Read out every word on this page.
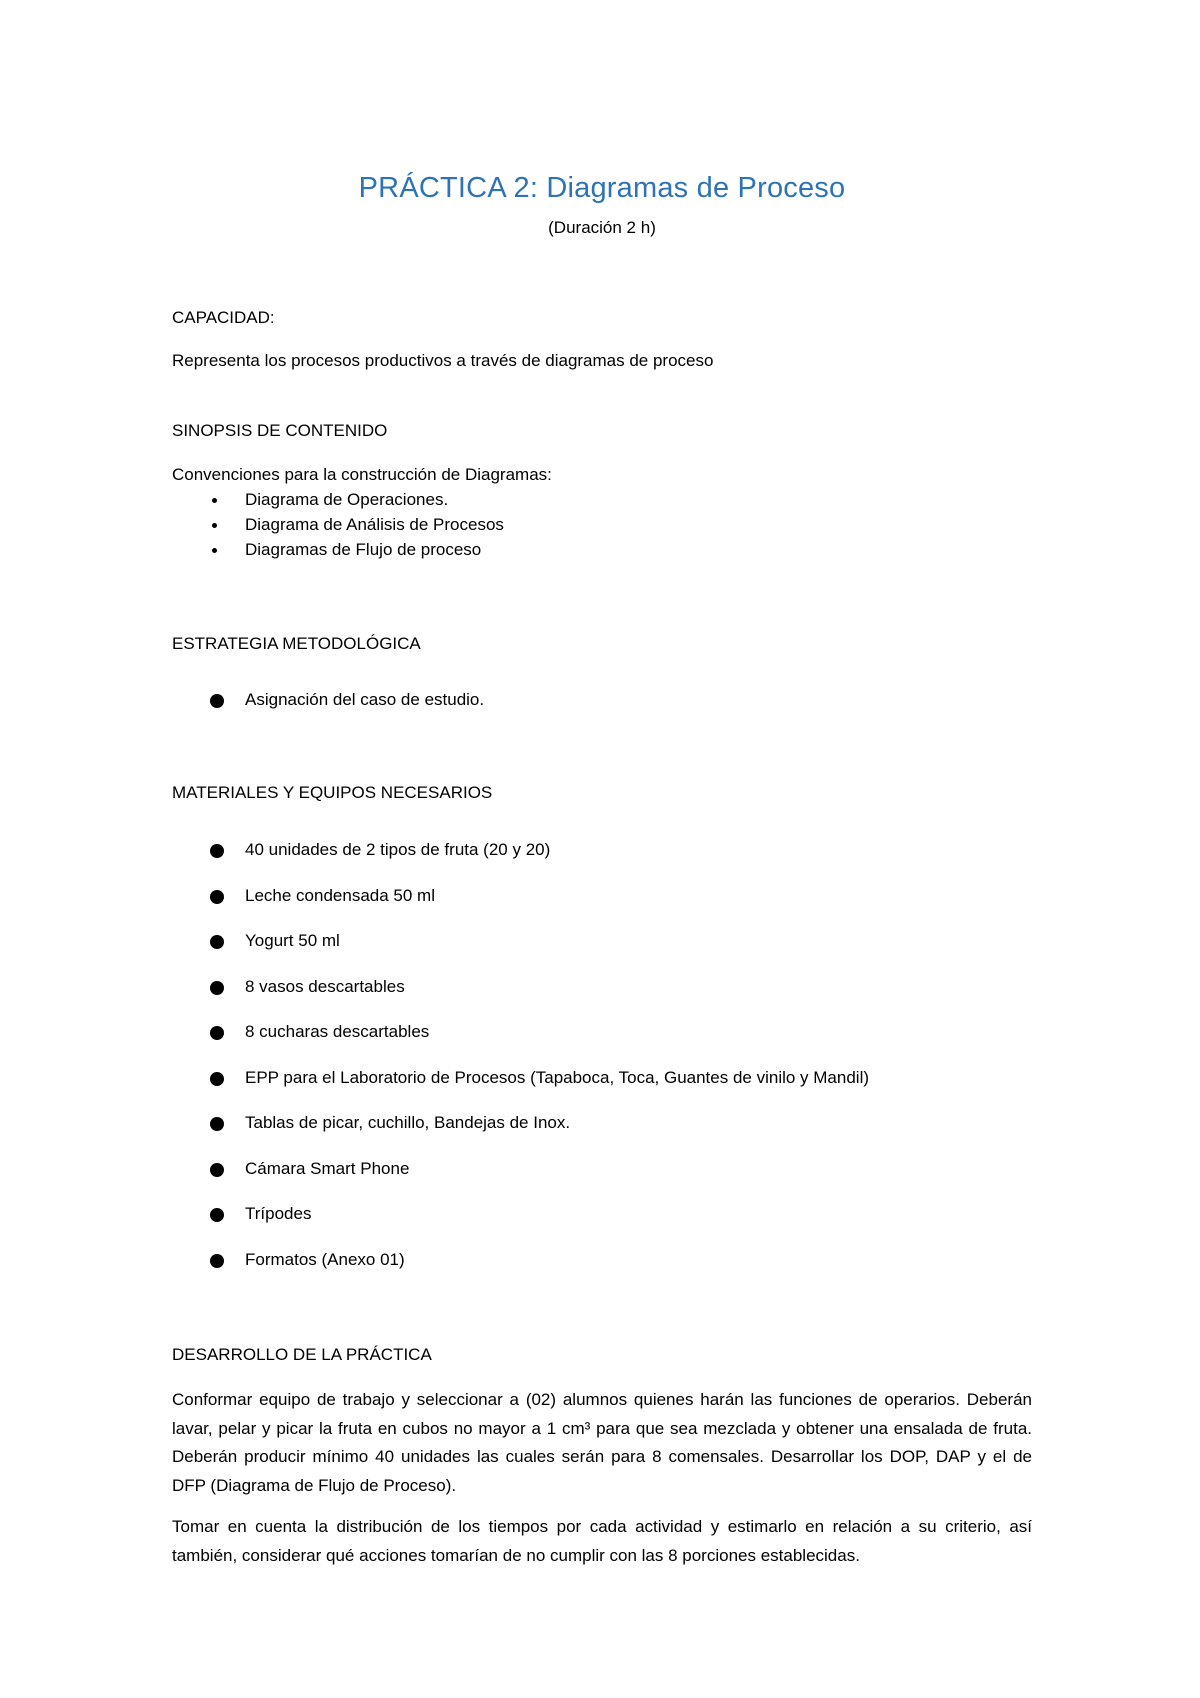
PRÁCTICA 2: Diagramas de Proceso
(Duración 2 h)
CAPACIDAD:
Representa los procesos productivos a través de diagramas de proceso
SINOPSIS DE CONTENIDO
Convenciones para la construcción de Diagramas:
Diagrama de Operaciones.
Diagrama de Análisis de Procesos
Diagramas de Flujo de proceso
ESTRATEGIA METODOLÓGICA
Asignación del caso de estudio.
MATERIALES Y EQUIPOS NECESARIOS
40 unidades de 2 tipos de fruta (20 y 20)
Leche condensada 50 ml
Yogurt 50 ml
8 vasos descartables
8 cucharas descartables
EPP para el Laboratorio de Procesos (Tapaboca, Toca, Guantes de vinilo y Mandil)
Tablas de picar, cuchillo, Bandejas de Inox.
Cámara Smart Phone
Trípodes
Formatos (Anexo 01)
DESARROLLO DE LA PRÁCTICA
Conformar equipo de trabajo y seleccionar a (02) alumnos quienes harán las funciones de operarios. Deberán lavar, pelar y picar la fruta en cubos no mayor a 1 cm³ para que sea mezclada y obtener una ensalada de fruta. Deberán producir mínimo 40 unidades las cuales serán para 8 comensales. Desarrollar los DOP, DAP y el de DFP (Diagrama de Flujo de Proceso).
Tomar en cuenta la distribución de los tiempos por cada actividad y estimarlo en relación a su criterio, así también, considerar qué acciones tomarían de no cumplir con las 8 porciones establecidas.
